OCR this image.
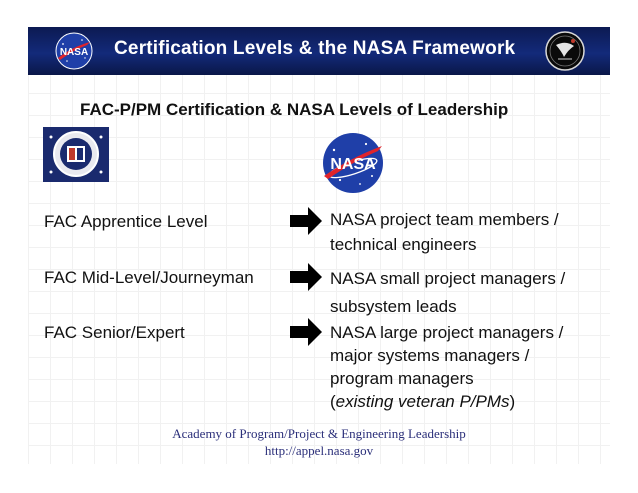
NASA Certification Levels & the NASA Framework
FAC-P/PM Certification & NASA Levels of Leadership
NASA
FAC Apprentice Level	NASA project team members /
technical engineers
FAC Mid-Level/Journeyman	NASA small project managers /
subsystem leads
FAC Senior/Expert	NASA large project managers /
major systems managers /
program managers
(existing veteran P/PMs)
Academy of Program/Project & Engineering Leadership
http://appel.nasa.gov
